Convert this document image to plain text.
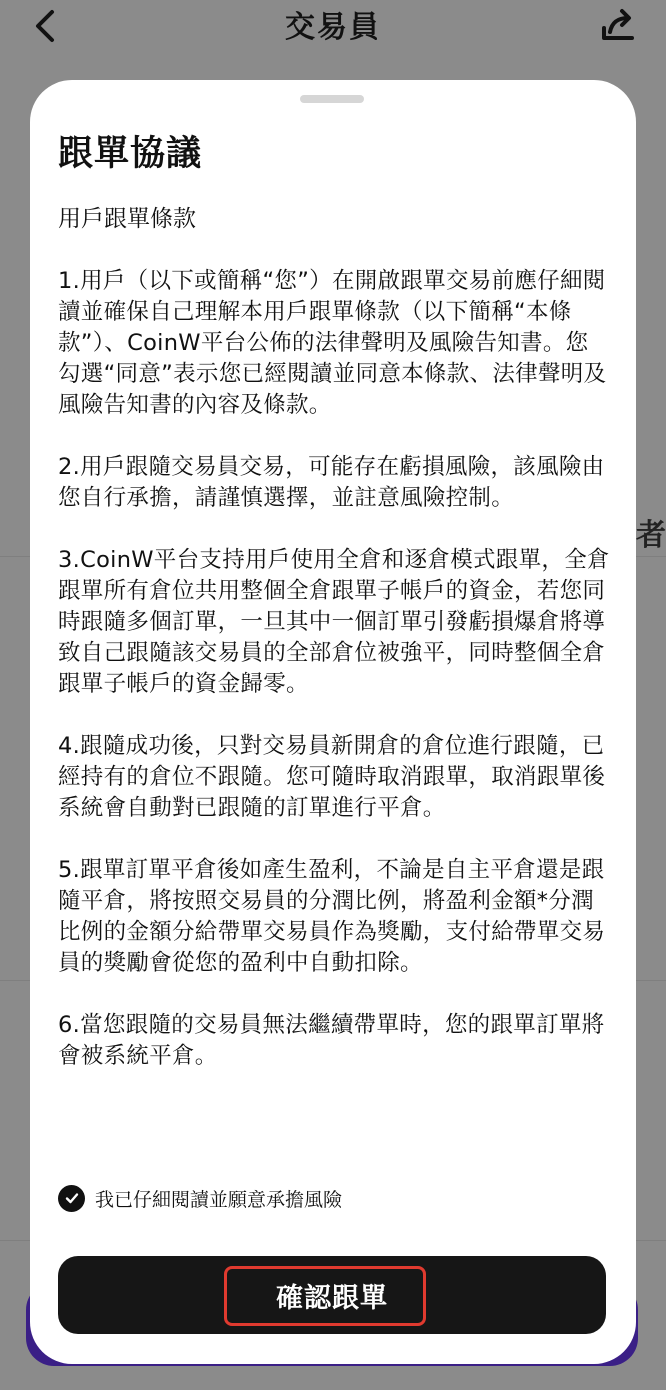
交易員
者
跟單協議
用戶跟單條款

1.用戶（以下或簡稱“您”）在開啟跟單交易前應仔細閱讀並確保自己理解本用戶跟單條款（以下簡稱“本條款”）、CoinW平台公佈的法律聲明及風險告知書。您勾選“同意”表示您已經閱讀並同意本條款、法律聲明及風險告知書的內容及條款。

2.用戶跟隨交易員交易，可能存在虧損風險，該風險由您自行承擔，請謹慎選擇，並註意風險控制。

3.CoinW平台支持用戶使用全倉和逐倉模式跟單，全倉跟單所有倉位共用整個全倉跟單子帳戶的資金，若您同時跟隨多個訂單，一旦其中一個訂單引發虧損爆倉將導致自己跟隨該交易員的全部倉位被強平，同時整個全倉跟單子帳戶的資金歸零。

4.跟隨成功後，只對交易員新開倉的倉位進行跟隨，已經持有的倉位不跟隨。您可隨時取消跟單，取消跟單後系統會自動對已跟隨的訂單進行平倉。

5.跟單訂單平倉後如產生盈利，不論是自主平倉還是跟隨平倉，將按照交易員的分潤比例，將盈利金額*分潤比例的金額分給帶單交易員作為獎勵，支付給帶單交易員的獎勵會從您的盈利中自動扣除。

6.當您跟隨的交易員無法繼續帶單時，您的跟單訂單將會被系統平倉。

我已仔細閱讀並願意承擔風險
確認跟單
